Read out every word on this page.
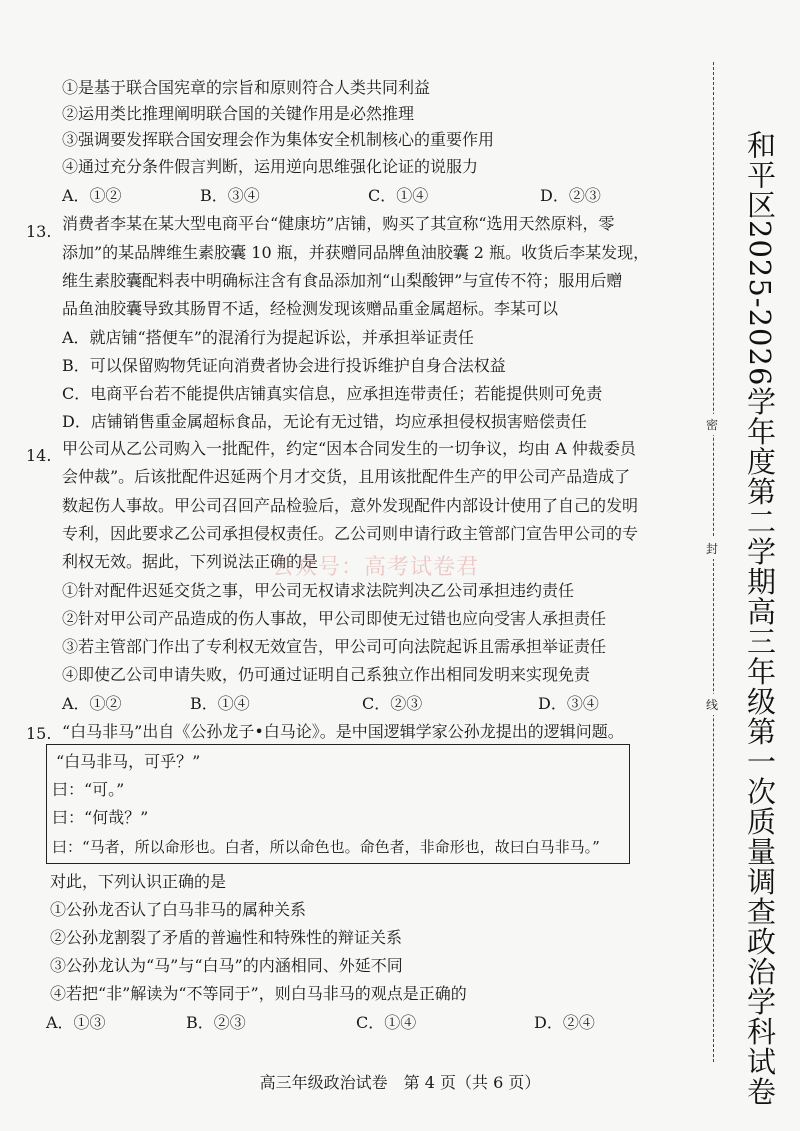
①是基于联合国宪章的宗旨和原则符合人类共同利益
②运用类比推理阐明联合国的关键作用是必然推理
③强调要发挥联合国安理会作为集体安全机制核心的重要作用
④通过充分条件假言判断，运用逆向思维强化论证的说服力
A．①②	B．③④	C．①④	D．②③
13. 消费者李某在某大型电商平台“健康坊”店铺，购买了其宣称“选用天然原料，零
添加”的某品牌维生素胶囊 10 瓶，并获赠同品牌鱼油胶囊 2 瓶。收货后李某发现，
维生素胶囊配料表中明确标注含有食品添加剂“山梨酸钾”与宣传不符；服用后赠
品鱼油胶囊导致其肠胃不适，经检测发现该赠品重金属超标。李某可以
A．就店铺“搭便车”的混淆行为提起诉讼，并承担举证责任
B．可以保留购物凭证向消费者协会进行投诉维护自身合法权益
C．电商平台若不能提供店铺真实信息，应承担连带责任；若能提供则可免责
D．店铺销售重金属超标食品，无论有无过错，均应承担侵权损害赔偿责任
14. 甲公司从乙公司购入一批配件，约定“因本合同发生的一切争议，均由 A 仲裁委员
会仲裁”。后该批配件迟延两个月才交货，且用该批配件生产的甲公司产品造成了
数起伤人事故。甲公司召回产品检验后，意外发现配件内部设计使用了自己的发明
专利，因此要求乙公司承担侵权责任。乙公司则申请行政主管部门宣告甲公司的专
利权无效。据此，下列说法正确的是
①针对配件迟延交货之事，甲公司无权请求法院判决乙公司承担违约责任
②针对甲公司产品造成的伤人事故，甲公司即使无过错也应向受害人承担责任
③若主管部门作出了专利权无效宣告，甲公司可向法院起诉且需承担举证责任
④即使乙公司申请失败，仍可通过证明自己系独立作出相同发明来实现免责
A．①②	B．①④	C．②③	D．③④
公众号：高考试卷君
15. “白马非马”出自《公孙龙子•白马论》。是中国逻辑学家公孙龙提出的逻辑问题。
“白马非马，可乎？”
曰：“可。”
曰：“何哉？”
曰：“马者，所以命形也。白者，所以命色也。命色者，非命形也，故曰白马非马。”
对此，下列认识正确的是
①公孙龙否认了白马非马的属种关系
②公孙龙割裂了矛盾的普遍性和特殊性的辩证关系
③公孙龙认为“马”与“白马”的内涵相同、外延不同
④若把“非”解读为“不等同于”，则白马非马的观点是正确的
A．①③	B．②③	C．①④	D．②④
密
封
线 和平区2025-2026学年度第二学期高三年级第一次质量调查政治学科试卷
高三年级政治试卷　第 4 页（共 6 页）
